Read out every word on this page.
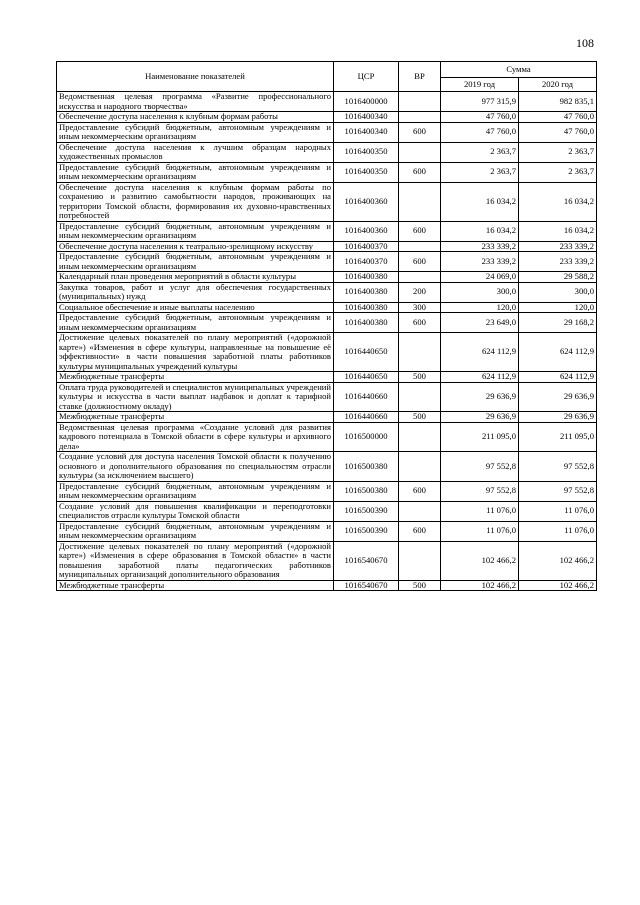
108
Наименование показателей	ЦСР	ВР	Сумма	
			2019 год	2020 год
Ведомственная целевая программа «Развитие профессионального искусства и народного творчества»	1016400000		977 315,9	982 835,1
Обеспечение доступа населения к клубным формам работы	1016400340		47 760,0	47 760,0
Предоставление субсидий бюджетным, автономным учреждениям и иным некоммерческим организациям	1016400340	600	47 760,0	47 760,0
Обеспечение доступа населения к лучшим образцам народных художественных промыслов	1016400350		2 363,7	2 363,7
Предоставление субсидий бюджетным, автономным учреждениям и иным некоммерческим организациям	1016400350	600	2 363,7	2 363,7
Обеспечение доступа населения к клубным формам работы по сохранению и развитию самобытности народов, проживающих на территории Томской области, формирования их духовно-нравственных потребностей	1016400360		16 034,2	16 034,2
Предоставление субсидий бюджетным, автономным учреждениям и иным некоммерческим организациям	1016400360	600	16 034,2	16 034,2
Обеспечение доступа населения к театрально-зрелищному искусству	1016400370		233 339,2	233 339,2
Предоставление субсидий бюджетным, автономным учреждениям и иным некоммерческим организациям	1016400370	600	233 339,2	233 339,2
Календарный план проведения мероприятий в области культуры	1016400380		24 069,0	29 588,2
Закупка товаров, работ и услуг для обеспечения государственных (муниципальных) нужд	1016400380	200	300,0	300,0
Социальное обеспечение и иные выплаты населению	1016400380	300	120,0	120,0
Предоставление субсидий бюджетным, автономным учреждениям и иным некоммерческим организациям	1016400380	600	23 649,0	29 168,2
Достижение целевых показателей по плану мероприятий («дорожной карте») «Изменения в сфере культуры, направленные на повышение её эффективности» в части повышения заработной платы работников культуры муниципальных учреждений культуры	1016440650		624 112,9	624 112,9
Межбюджетные трансферты	1016440650	500	624 112,9	624 112,9
Оплата труда руководителей и специалистов муниципальных учреждений культуры и искусства в части выплат надбавок и доплат к тарифной ставке (должностному окладу)	1016440660		29 636,9	29 636,9
Межбюджетные трансферты	1016440660	500	29 636,9	29 636,9
Ведомственная целевая программа «Создание условий для развития кадрового потенциала в Томской области в сфере культуры и архивного дела»	1016500000		211 095,0	211 095,0
Создание условий для доступа населения Томской области к получению основного и дополнительного образования по специальностям отрасли культуры (за исключением высшего)	1016500380		97 552,8	97 552,8
Предоставление субсидий бюджетным, автономным учреждениям и иным некоммерческим организациям	1016500380	600	97 552,8	97 552,8
Создание условий для повышения квалификации и переподготовки специалистов отрасли культуры Томской области	1016500390		11 076,0	11 076,0
Предоставление субсидий бюджетным, автономным учреждениям и иным некоммерческим организациям	1016500390	600	11 076,0	11 076,0
Достижение целевых показателей по плану мероприятий («дорожной карте») «Изменения в сфере образования в Томской области» в части повышения заработной платы педагогических работников муниципальных организаций дополнительного образования	1016540670		102 466,2	102 466,2
Межбюджетные трансферты	1016540670	500	102 466,2	102 466,2
